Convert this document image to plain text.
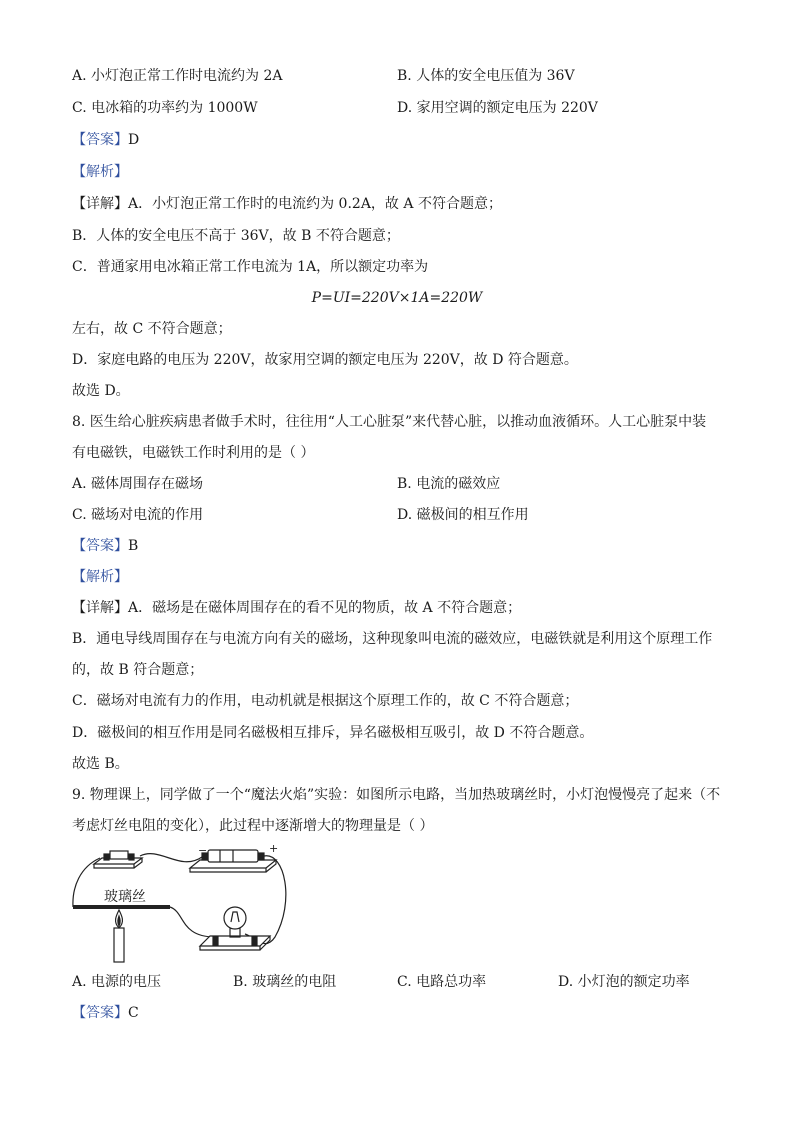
A. 小灯泡正常工作时电流约为 2A	B. 人体的安全电压值为 36V
C. 电冰箱的功率约为 1000W	D. 家用空调的额定电压为 220V
【答案】D
【解析】
【详解】A．小灯泡正常工作时的电流约为 0.2A，故 A 不符合题意；
B．人体的安全电压不高于 36V，故 B 不符合题意；
C．普通家用电冰箱正常工作电流为 1A，所以额定功率为
P=UI=220V×1A=220W
左右，故 C 不符合题意；
D．家庭电路的电压为 220V，故家用空调的额定电压为 220V，故 D 符合题意。
故选 D。
8. 医生给心脏疾病患者做手术时，往往用“人工心脏泵”来代替心脏，以推动血液循环。人工心脏泵中装
有电磁铁，电磁铁工作时利用的是（ ）
A. 磁体周围存在磁场	B. 电流的磁效应
C. 磁场对电流的作用	D. 磁极间的相互作用
【答案】B
【解析】
【详解】A．磁场是在磁体周围存在的看不见的物质，故 A 不符合题意；
B．通电导线周围存在与电流方向有关的磁场，这种现象叫电流的磁效应，电磁铁就是利用这个原理工作
的，故 B 符合题意；
C．磁场对电流有力的作用，电动机就是根据这个原理工作的，故 C 不符合题意；
D．磁极间的相互作用是同名磁极相互排斥，异名磁极相互吸引，故 D 不符合题意。
故选 B。
9. 物理课上，同学做了一个“魔法火焰”实验：如图所示电路，当加热玻璃丝时，小灯泡慢慢亮了起来（不
考虑灯丝电阻的变化），此过程中逐渐增大的物理量是（ ）
玻璃丝
−	+
A. 电源的电压	B. 玻璃丝的电阻	C. 电路总功率	D. 小灯泡的额定功率
【答案】C
